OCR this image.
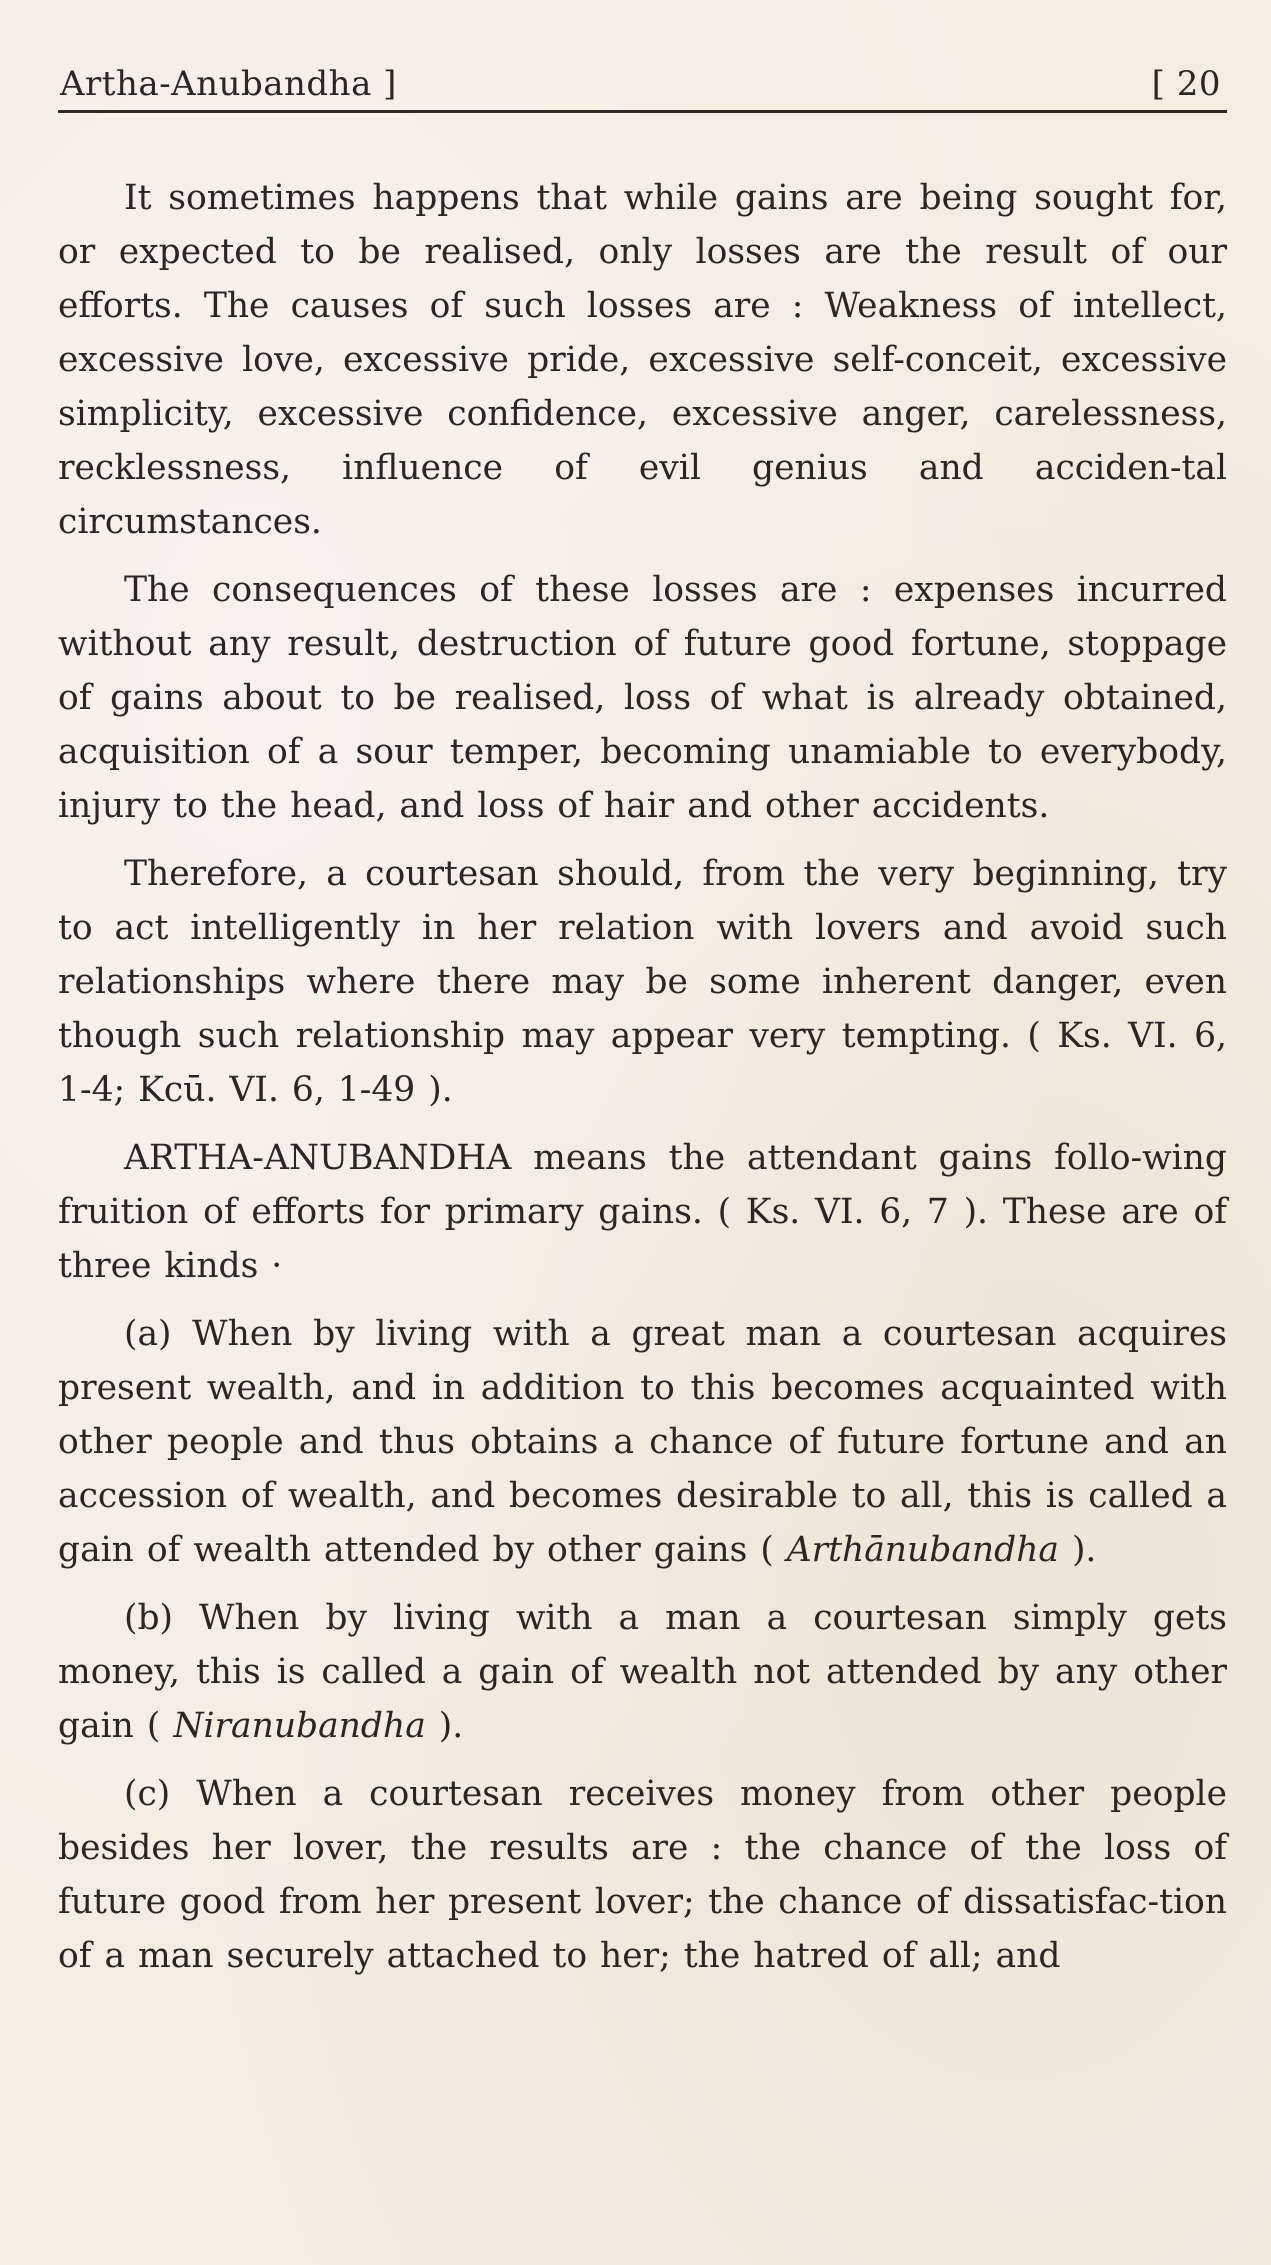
Artha-Anubandha ]	[ 20

It sometimes happens that while gains are being sought for, or expected to be realised, only losses are the result of our efforts. The causes of such losses are : Weakness of intellect, excessive love, excessive pride, excessive self-conceit, excessive simplicity, excessive confidence, excessive anger, carelessness, recklessness, influence of evil genius and acciden-tal circumstances.

The consequences of these losses are : expenses incurred without any result, destruction of future good fortune, stoppage of gains about to be realised, loss of what is already obtained, acquisition of a sour temper, becoming unamiable to everybody, injury to the head, and loss of hair and other accidents.

Therefore, a courtesan should, from the very beginning, try to act intelligently in her relation with lovers and avoid such relationships where there may be some inherent danger, even though such relationship may appear very tempting. ( Ks. VI. 6, 1-4; Kcū. VI. 6, 1-49 ).

ARTHA-ANUBANDHA means the attendant gains follo-wing fruition of efforts for primary gains. ( Ks. VI. 6, 7 ). These are of three kinds ·

(a) When by living with a great man a courtesan acquires present wealth, and in addition to this becomes acquainted with other people and thus obtains a chance of future fortune and an accession of wealth, and becomes desirable to all, this is called a gain of wealth attended by other gains ( Arthānubandha ).

(b) When by living with a man a courtesan simply gets money, this is called a gain of wealth not attended by any other gain ( Niranubandha ).

(c) When a courtesan receives money from other people besides her lover, the results are : the chance of the loss of future good from her present lover; the chance of dissatisfac-tion of a man securely attached to her; the hatred of all; and
